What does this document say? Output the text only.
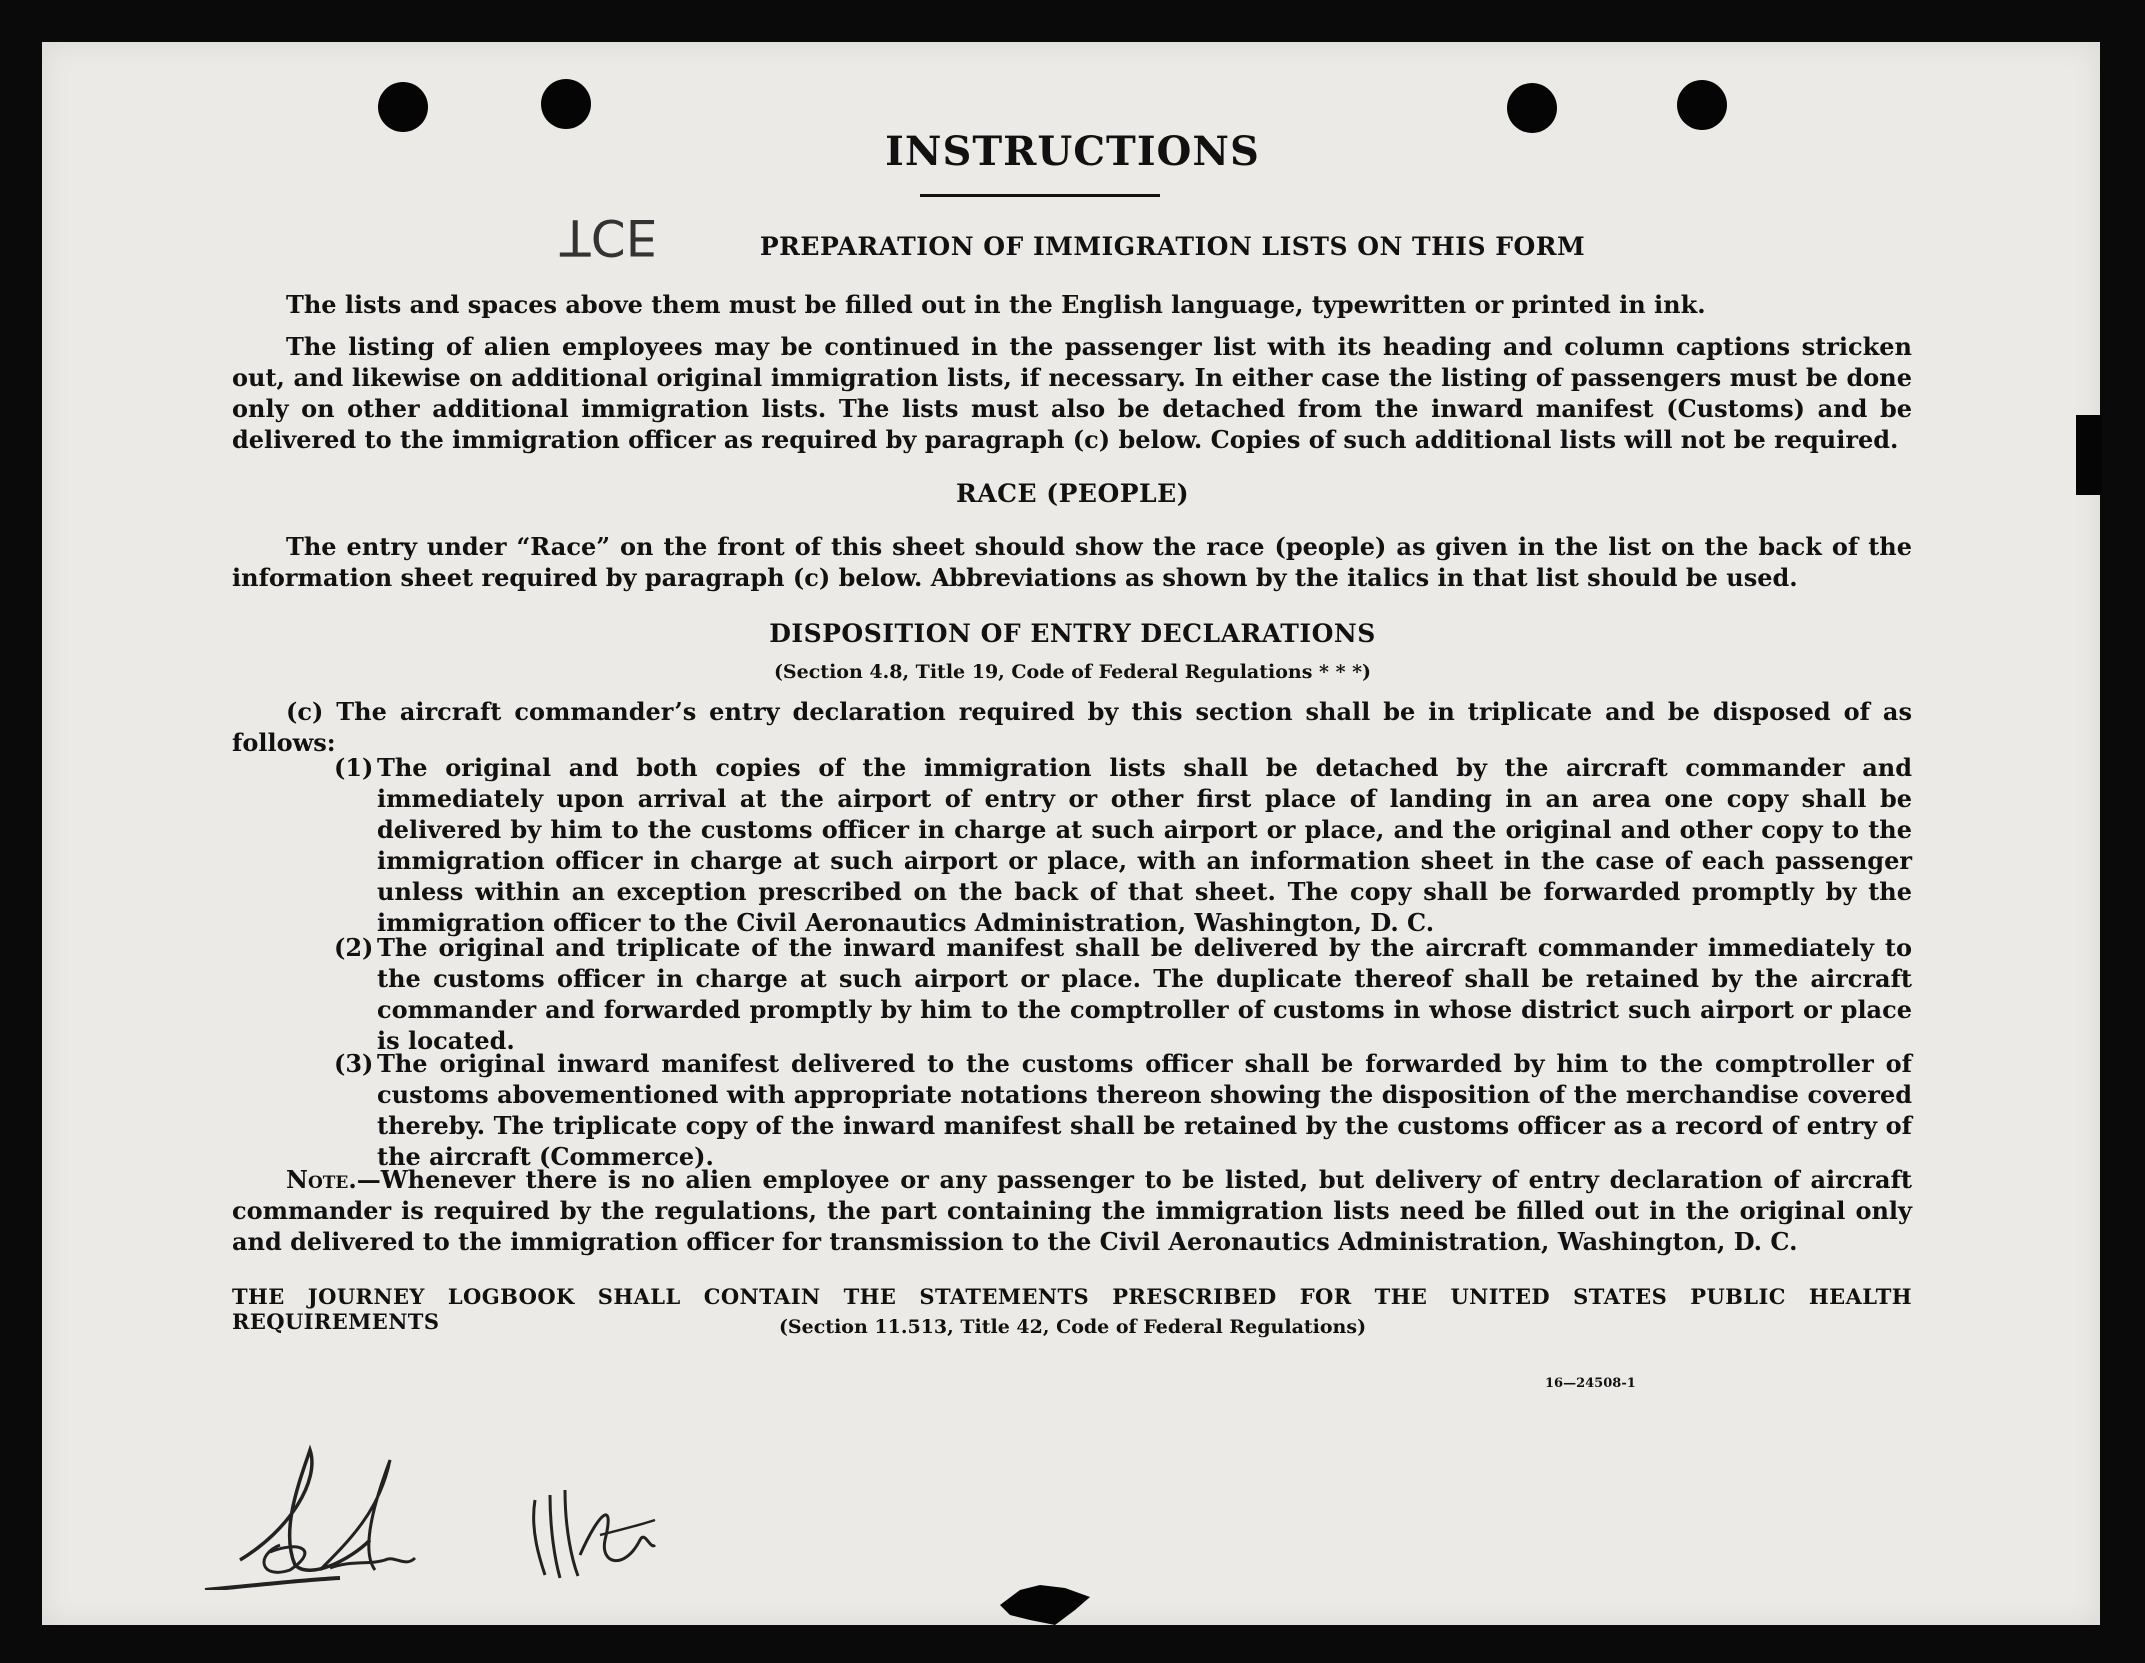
INSTRUCTIONS
ƎƆT	PREPARATION OF IMMIGRATION LISTS ON THIS FORM
The lists and spaces above them must be filled out in the English language, typewritten or printed in ink.
The listing of alien employees may be continued in the passenger list with its heading and column captions stricken out, and likewise on additional original immigration lists, if necessary. In either case the listing of passengers must be done only on other additional immigration lists. The lists must also be detached from the inward manifest (Customs) and be delivered to the immigration officer as required by paragraph (c) below. Copies of such additional lists will not be required.
RACE (PEOPLE)
The entry under “Race” on the front of this sheet should show the race (people) as given in the list on the back of the information sheet required by paragraph (c) below. Abbreviations as shown by the italics in that list should be used.
DISPOSITION OF ENTRY DECLARATIONS
(Section 4.8, Title 19, Code of Federal Regulations * * *)
(c) The aircraft commander’s entry declaration required by this section shall be in triplicate and be disposed of as follows:
(1) The original and both copies of the immigration lists shall be detached by the aircraft commander and immediately upon arrival at the airport of entry or other first place of landing in an area one copy shall be delivered by him to the customs officer in charge at such airport or place, and the original and other copy to the immigration officer in charge at such airport or place, with an information sheet in the case of each passenger unless within an exception prescribed on the back of that sheet. The copy shall be forwarded promptly by the immigration officer to the Civil Aeronautics Administration, Washington, D. C.
(2) The original and triplicate of the inward manifest shall be delivered by the aircraft commander immediately to the customs officer in charge at such airport or place. The duplicate thereof shall be retained by the aircraft commander and forwarded promptly by him to the comptroller of customs in whose district such airport or place is located.
(3) The original inward manifest delivered to the customs officer shall be forwarded by him to the comptroller of customs abovementioned with appropriate notations thereon showing the disposition of the merchandise covered thereby. The triplicate copy of the inward manifest shall be retained by the customs officer as a record of entry of the aircraft (Commerce).
Note.—Whenever there is no alien employee or any passenger to be listed, but delivery of entry declaration of aircraft commander is required by the regulations, the part containing the immigration lists need be filled out in the original only and delivered to the immigration officer for transmission to the Civil Aeronautics Administration, Washington, D. C.
THE JOURNEY LOGBOOK SHALL CONTAIN THE STATEMENTS PRESCRIBED FOR THE UNITED STATES PUBLIC HEALTH REQUIREMENTS	(Section 11.513, Title 42, Code of Federal Regulations)
16—24508-1
